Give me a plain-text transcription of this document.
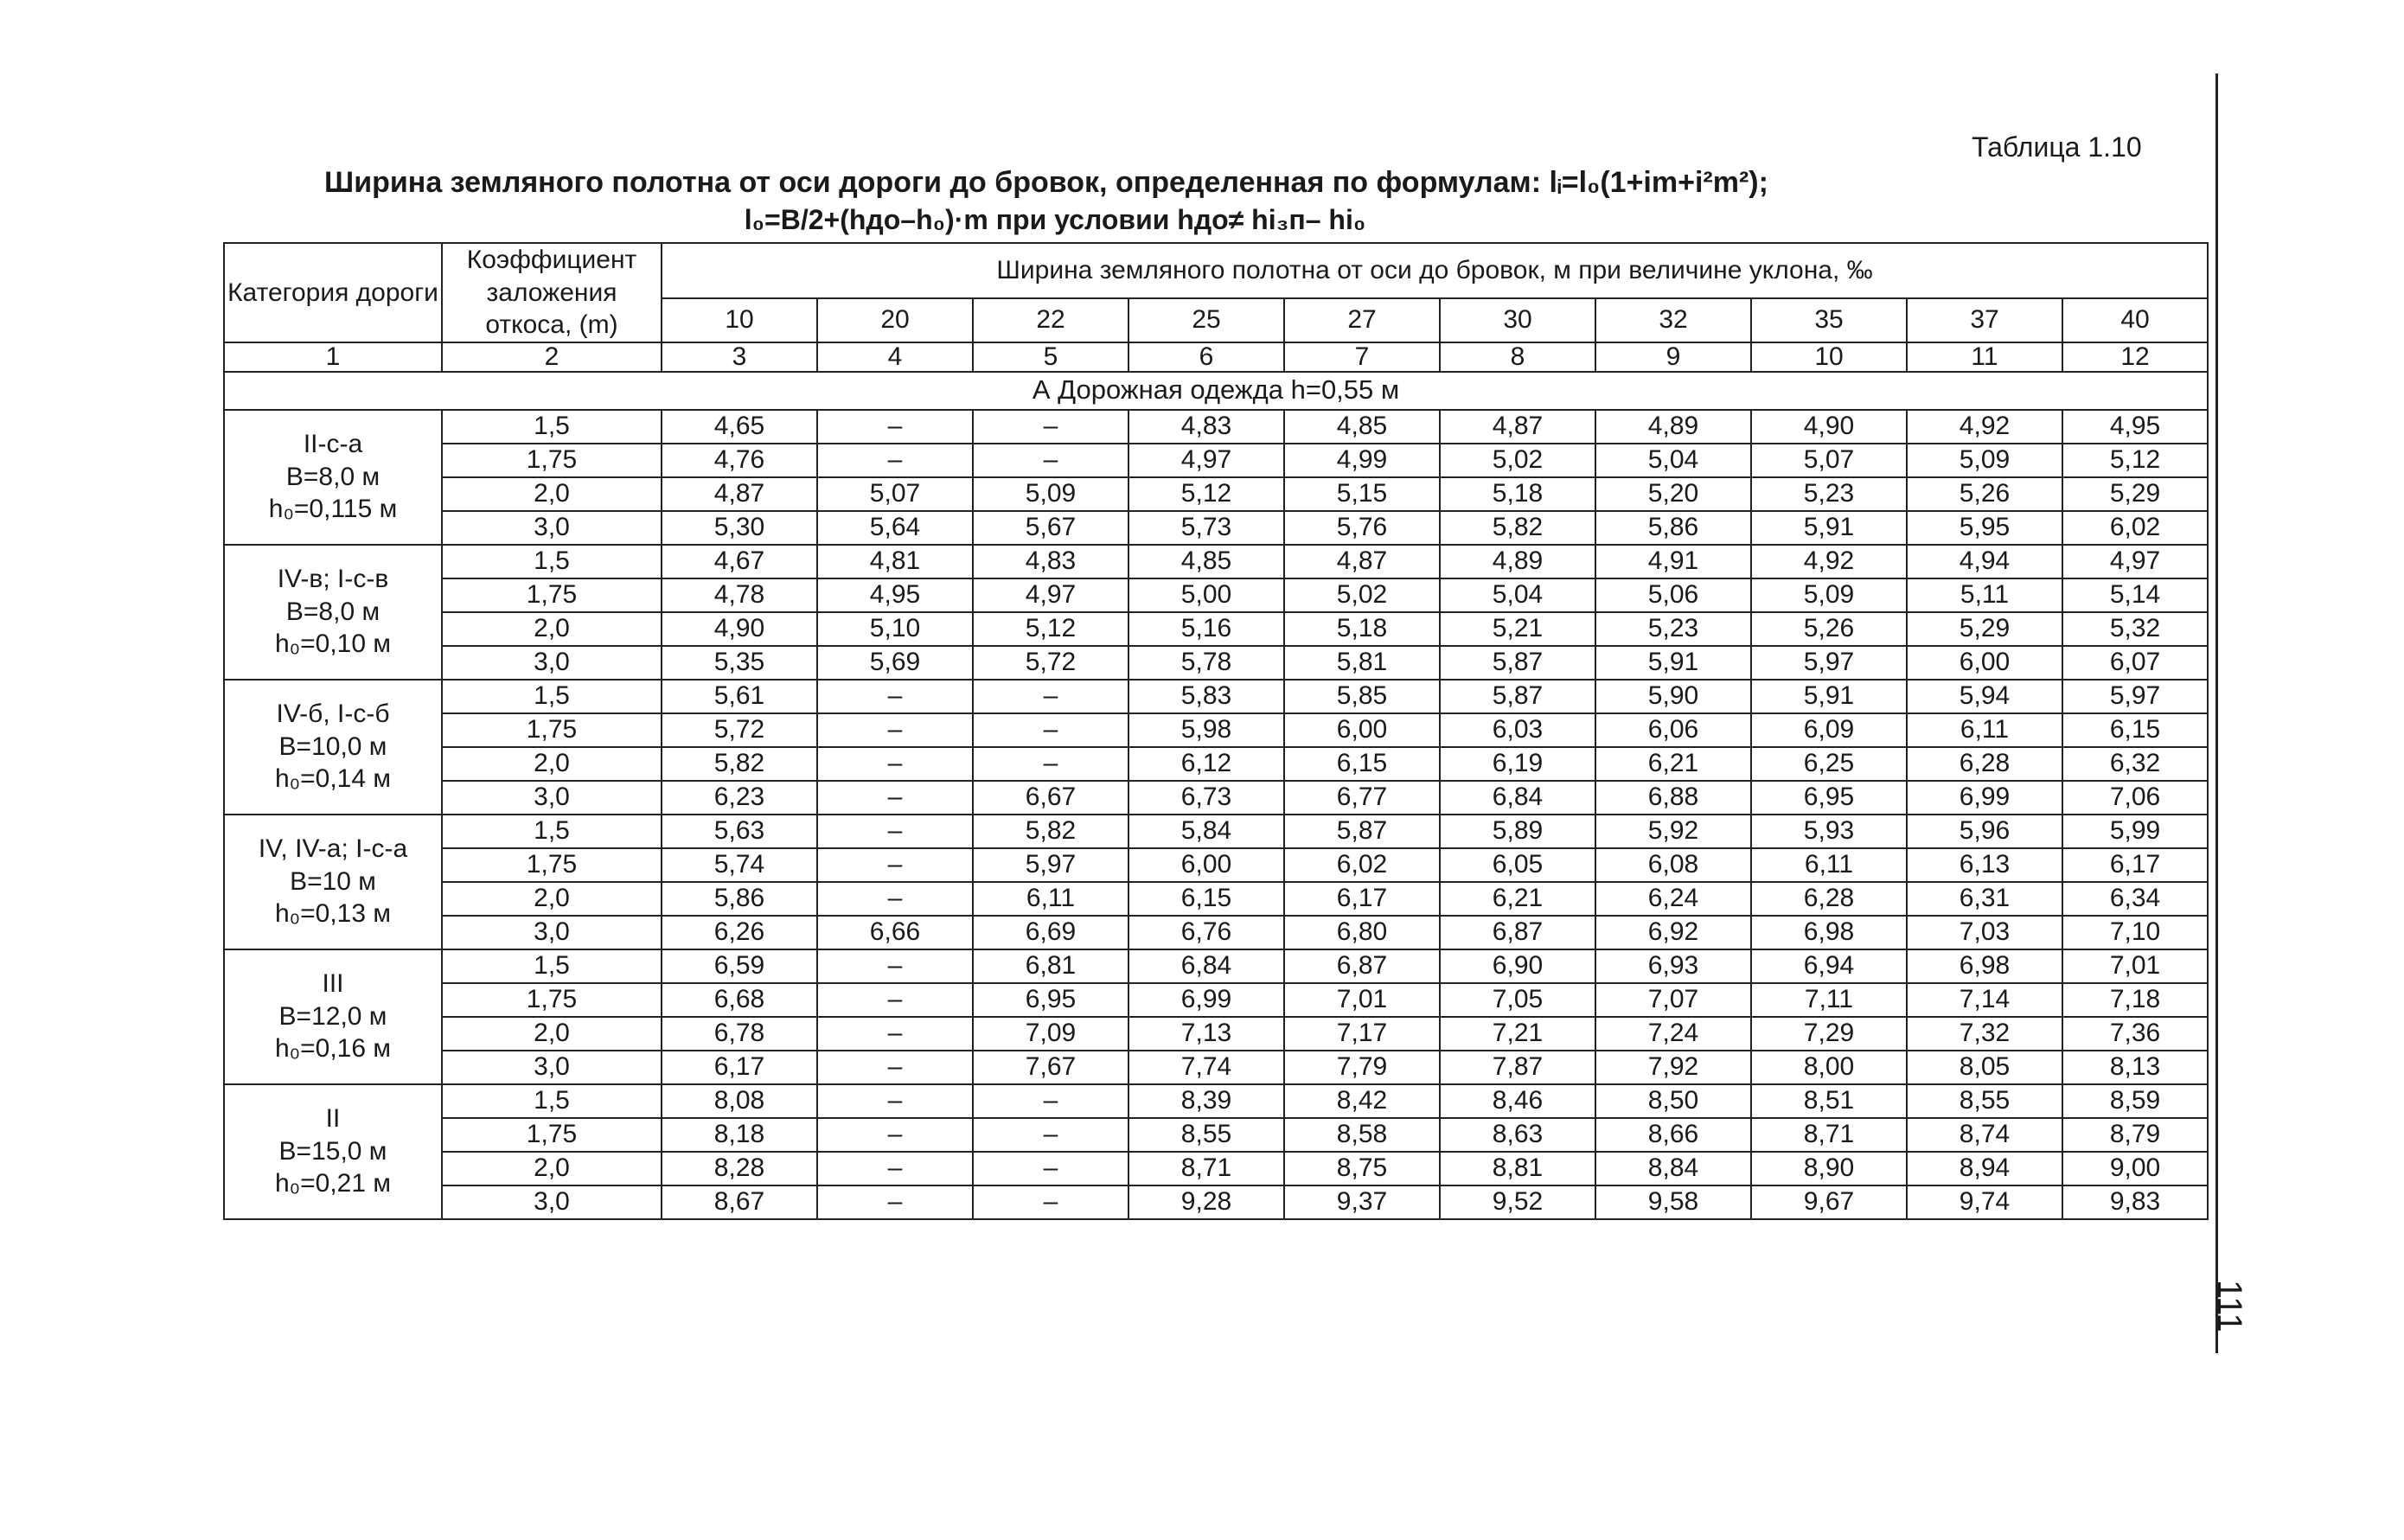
Таблица 1.10
Ширина земляного полотна от оси дороги до бровок, определенная по формулам: lᵢ=l₀(1+im+i²m²);
l₀=B/2+(hдо–h₀)·m при условии hдо≠ hi₃п– hi₀
111
Категория дороги	Коэффициент заложения откоса, (m)	Ширина земляного полотна от оси до бровок, м при величине уклона, ‰									
		10	20	22	25	27	30	32	35	37	40
1	2	3	4	5	6	7	8	9	10	11	12
А Дорожная одежда h=0,55 м											

II-с-а
B=8,0 м
h₀=0,115 м	1,5	4,65	–	–	4,83	4,85	4,87	4,89	4,90	4,92	4,95
	1,75	4,76	–	–	4,97	4,99	5,02	5,04	5,07	5,09	5,12
	2,0	4,87	5,07	5,09	5,12	5,15	5,18	5,20	5,23	5,26	5,29
	3,0	5,30	5,64	5,67	5,73	5,76	5,82	5,86	5,91	5,95	6,02

IV-в; I-с-в
B=8,0 м
h₀=0,10 м	1,5	4,67	4,81	4,83	4,85	4,87	4,89	4,91	4,92	4,94	4,97
	1,75	4,78	4,95	4,97	5,00	5,02	5,04	5,06	5,09	5,11	5,14
	2,0	4,90	5,10	5,12	5,16	5,18	5,21	5,23	5,26	5,29	5,32
	3,0	5,35	5,69	5,72	5,78	5,81	5,87	5,91	5,97	6,00	6,07

IV-б, I-с-б
B=10,0 м
h₀=0,14 м	1,5	5,61	–	–	5,83	5,85	5,87	5,90	5,91	5,94	5,97
	1,75	5,72	–	–	5,98	6,00	6,03	6,06	6,09	6,11	6,15
	2,0	5,82	–	–	6,12	6,15	6,19	6,21	6,25	6,28	6,32
	3,0	6,23	–	6,67	6,73	6,77	6,84	6,88	6,95	6,99	7,06

IV, IV-а; I-с-а
B=10 м
h₀=0,13 м	1,5	5,63	–	5,82	5,84	5,87	5,89	5,92	5,93	5,96	5,99
	1,75	5,74	–	5,97	6,00	6,02	6,05	6,08	6,11	6,13	6,17
	2,0	5,86	–	6,11	6,15	6,17	6,21	6,24	6,28	6,31	6,34
	3,0	6,26	6,66	6,69	6,76	6,80	6,87	6,92	6,98	7,03	7,10

III
B=12,0 м
h₀=0,16 м	1,5	6,59	–	6,81	6,84	6,87	6,90	6,93	6,94	6,98	7,01
	1,75	6,68	–	6,95	6,99	7,01	7,05	7,07	7,11	7,14	7,18
	2,0	6,78	–	7,09	7,13	7,17	7,21	7,24	7,29	7,32	7,36
	3,0	6,17	–	7,67	7,74	7,79	7,87	7,92	8,00	8,05	8,13

II
B=15,0 м
h₀=0,21 м	1,5	8,08	–	–	8,39	8,42	8,46	8,50	8,51	8,55	8,59
	1,75	8,18	–	–	8,55	8,58	8,63	8,66	8,71	8,74	8,79
	2,0	8,28	–	–	8,71	8,75	8,81	8,84	8,90	8,94	9,00
	3,0	8,67	–	–	9,28	9,37	9,52	9,58	9,67	9,74	9,83
